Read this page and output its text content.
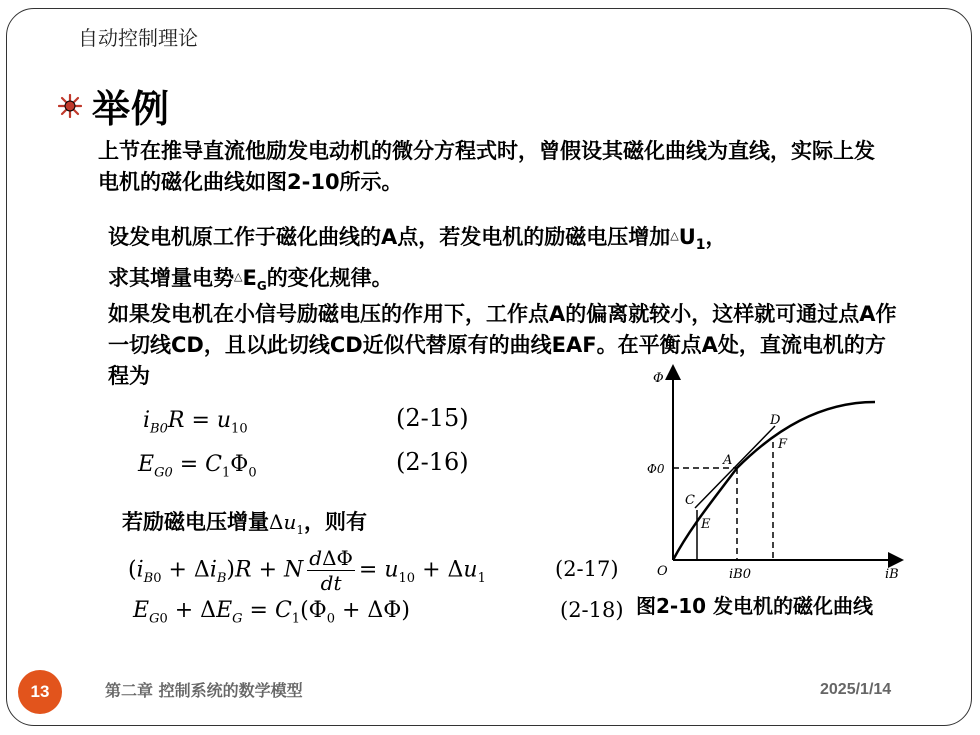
自动控制理论
举例

上节在推导直流他励发电动机的微分方程式时，曾假设其磁化曲线为直线，实际上发电机的磁化曲线如图2-10所示。

设发电机原工作于磁化曲线的A点，若发电机的励磁电压增加$^\triangle U_1$，
求其增量电势$^\triangle E_G$的变化规律。

如果发电机在小信号励磁电压的作用下，工作点A的偏离就较小，这样就可通过点A作一切线CD，且以此切线CD近似代替原有的曲线EAF。在平衡点A处，直流电机的方程为

$i_{B0}R = u_{10}$	(2-15)
$E_{G0} = C_1\Phi_0$	(2-16)
若励磁电压增量$\Delta u_1$，则有
$(i_{B0} + \Delta i_B)R + N \frac{\text{dΔΦ}}{dt} = u_{10} + \Delta u_1$	(2-17)
$E_{G0} + \Delta E_G = C_1(\Phi_0 + \Delta\Phi)$	(2-18)
Φ
Φ0
O	iB
iB0
A
C
D
E
F
图2-10 发电机的磁化曲线
13	第二章 控制系统的数学模型	2025/1/14
